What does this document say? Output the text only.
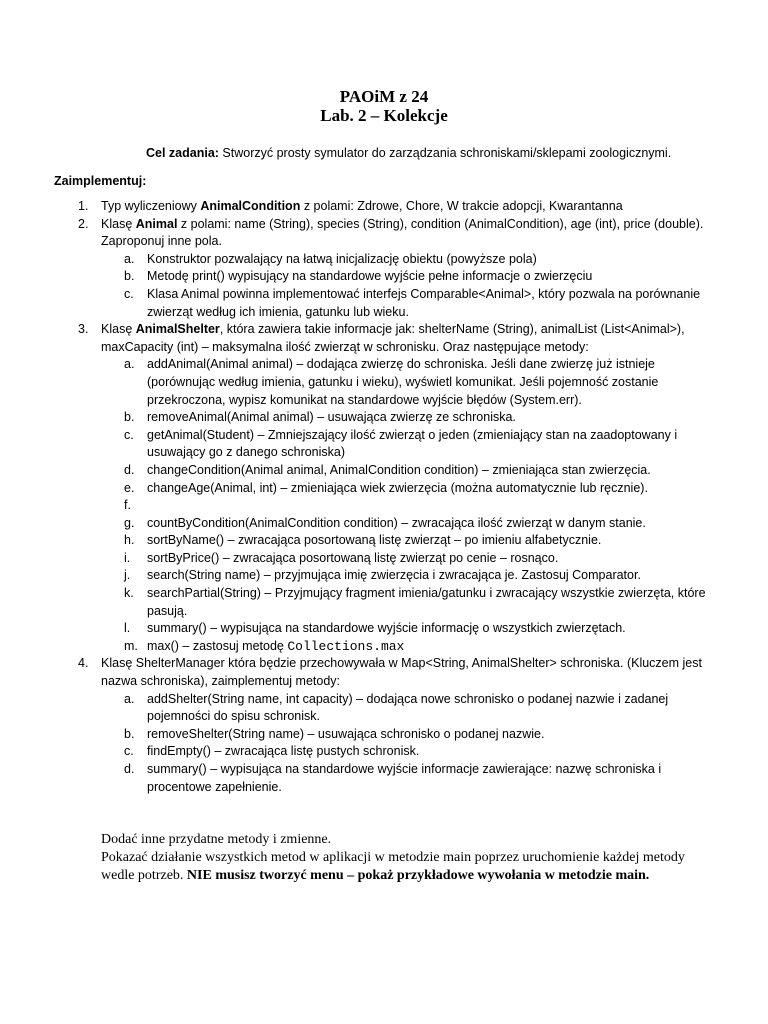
PAOiM z 24
Lab. 2 – Kolekcje
Cel zadania: Stworzyć prosty symulator do zarządzania schroniskami/sklepami zoologicznymi.
Zaimplementuj:
1. Typ wyliczeniowy AnimalCondition z polami: Zdrowe, Chore, W trakcie adopcji, Kwarantanna
2. Klasę Animal z polami: name (String), species (String), condition (AnimalCondition), age (int), price (double). Zaproponuj inne pola.
a. Konstruktor pozwalający na łatwą inicjalizację obiektu (powyższe pola)
b. Metodę print() wypisujący na standardowe wyjście pełne informacje o zwierzęciu
c. Klasa Animal powinna implementować interfejs Comparable<Animal>, który pozwala na porównanie zwierząt według ich imienia, gatunku lub wieku.
3. Klasę AnimalShelter, która zawiera takie informacje jak: shelterName (String), animalList (List<Animal>), maxCapacity (int) – maksymalna ilość zwierząt w schronisku. Oraz następujące metody:
a. addAnimal(Animal animal) – dodająca zwierzę do schroniska. Jeśli dane zwierzę już istnieje (porównując według imienia, gatunku i wieku), wyświetl komunikat. Jeśli pojemność zostanie przekroczona, wypisz komunikat na standardowe wyjście błędów (System.err).
b. removeAnimal(Animal animal) – usuwająca zwierzę ze schroniska.
c. getAnimal(Student) – Zmniejszający ilość zwierząt o jeden (zmieniający stan na zaadoptowany i usuwający go z danego schroniska)
d. changeCondition(Animal animal, AnimalCondition condition) – zmieniająca stan zwierzęcia.
e. changeAge(Animal, int) – zmieniająca wiek zwierzęcia (można automatycznie lub ręcznie).
f.

g. countByCondition(AnimalCondition condition) – zwracająca ilość zwierząt w danym stanie.
h. sortByName() – zwracająca posortowaną listę zwierząt – po imieniu alfabetycznie.
i. sortByPrice() – zwracająca posortowaną listę zwierząt po cenie – rosnąco.
j. search(String name) – przyjmująca imię zwierzęcia i zwracająca je. Zastosuj Comparator.
k. searchPartial(String) – Przyjmujący fragment imienia/gatunku i zwracający wszystkie zwierzęta, które pasują.
l. summary() – wypisująca na standardowe wyjście informację o wszystkich zwierzętach.
m. max() – zastosuj metodę Collections.max
4. Klasę ShelterManager która będzie przechowywała w Map<String, AnimalShelter> schroniska. (Kluczem jest nazwa schroniska), zaimplementuj metody:
a. addShelter(String name, int capacity) – dodająca nowe schronisko o podanej nazwie i zadanej pojemności do spisu schronisk.
b. removeShelter(String name) – usuwająca schronisko o podanej nazwie.
c. findEmpty() – zwracająca listę pustych schronisk.
d. summary() – wypisująca na standardowe wyjście informacje zawierające: nazwę schroniska i procentowe zapełnienie.
Dodać inne przydatne metody i zmienne.
Pokazać działanie wszystkich metod w aplikacji w metodzie main poprzez uruchomienie każdej metody wedle potrzeb. NIE musisz tworzyć menu – pokaż przykładowe wywołania w metodzie main.
